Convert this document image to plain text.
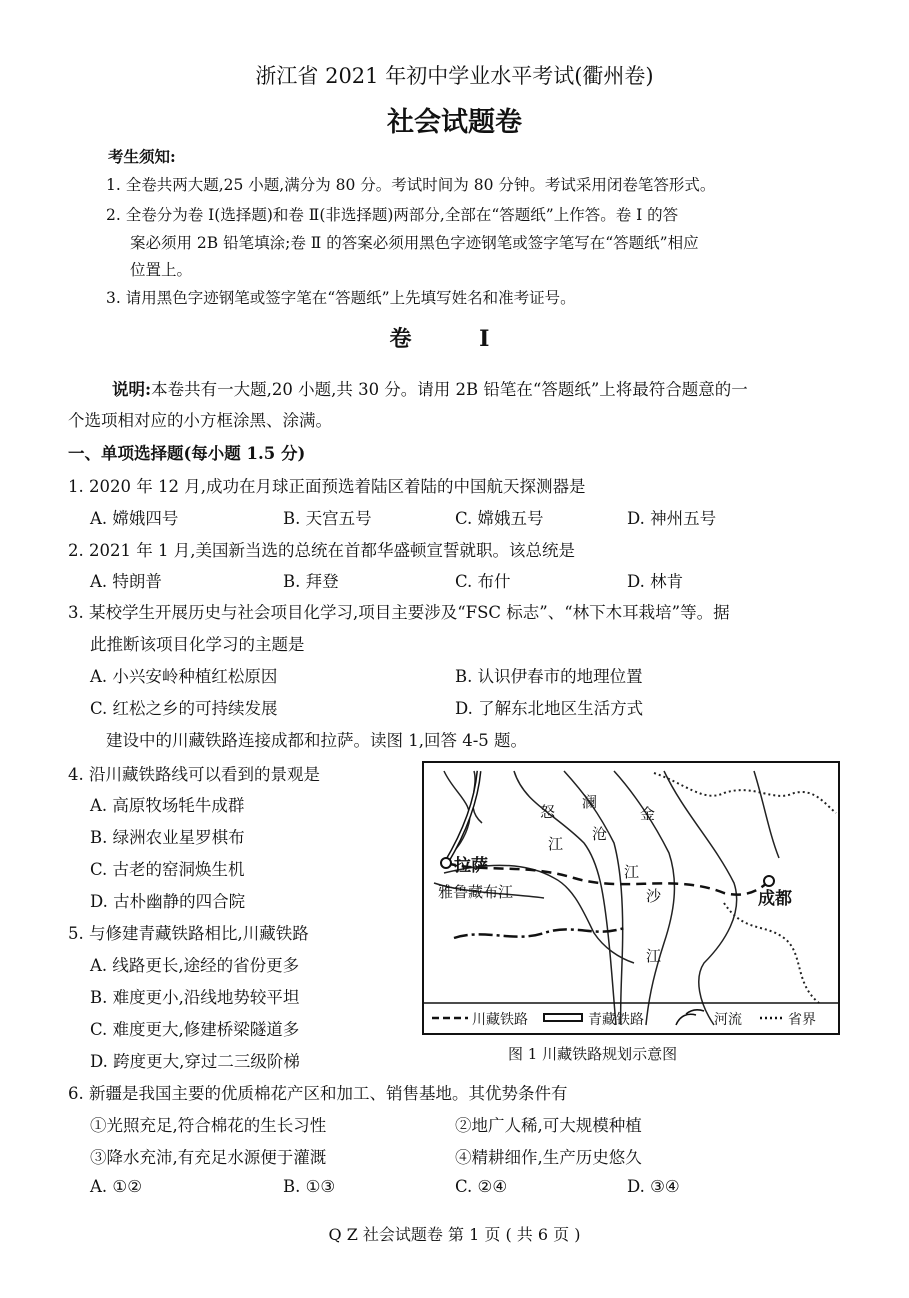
浙江省 2021 年初中学业水平考试(衢州卷)
社会试题卷
考生须知:
1. 全卷共两大题,25 小题,满分为 80 分。考试时间为 80 分钟。考试采用闭卷笔答形式。
2. 全卷分为卷 Ⅰ(选择题)和卷 Ⅱ(非选择题)两部分,全部在“答题纸”上作答。卷 Ⅰ 的答
案必须用 2B 铅笔填涂;卷 Ⅱ 的答案必须用黑色字迹钢笔或签字笔写在“答题纸”相应
位置上。
3. 请用黑色字迹钢笔或签字笔在“答题纸”上先填写姓名和准考证号。
卷 Ⅰ
说明:本卷共有一大题,20 小题,共 30 分。请用 2B 铅笔在“答题纸”上将最符合题意的一
个选项相对应的小方框涂黑、涂满。
一、单项选择题(每小题 1.5 分)
1. 2020 年 12 月,成功在月球正面预选着陆区着陆的中国航天探测器是
A. 嫦娥四号	B. 天宫五号	C. 嫦娥五号	D. 神州五号
2. 2021 年 1 月,美国新当选的总统在首都华盛顿宣誓就职。该总统是
A. 特朗普	B. 拜登	C. 布什	D. 林肯
3. 某校学生开展历史与社会项目化学习,项目主要涉及“FSC 标志”、“林下木耳栽培”等。据
此推断该项目化学习的主题是
A. 小兴安岭种植红松原因	B. 认识伊春市的地理位置
C. 红松之乡的可持续发展	D. 了解东北地区生活方式
建设中的川藏铁路连接成都和拉萨。读图 1,回答 4-5 题。
4. 沿川藏铁路线可以看到的景观是
A. 高原牧场牦牛成群
B. 绿洲农业星罗棋布
C. 古老的窑洞焕生机
D. 古朴幽静的四合院
5. 与修建青藏铁路相比,川藏铁路
A. 线路更长,途经的省份更多
B. 难度更小,沿线地势较平坦
C. 难度更大,修建桥梁隧道多
D. 跨度更大,穿过二三级阶梯
拉萨
成都
怒
江
澜
沧
江
金
沙
江
雅鲁藏布江
川藏铁路	青藏铁路	河流	省界
图 1 川藏铁路规划示意图
6. 新疆是我国主要的优质棉花产区和加工、销售基地。其优势条件有
①光照充足,符合棉花的生长习性	②地广人稀,可大规模种植
③降水充沛,有充足水源便于灌溉	④精耕细作,生产历史悠久
A. ①②	B. ①③	C. ②④	D. ③④
Q Z 社会试题卷 第 1 页 ( 共 6 页 )
